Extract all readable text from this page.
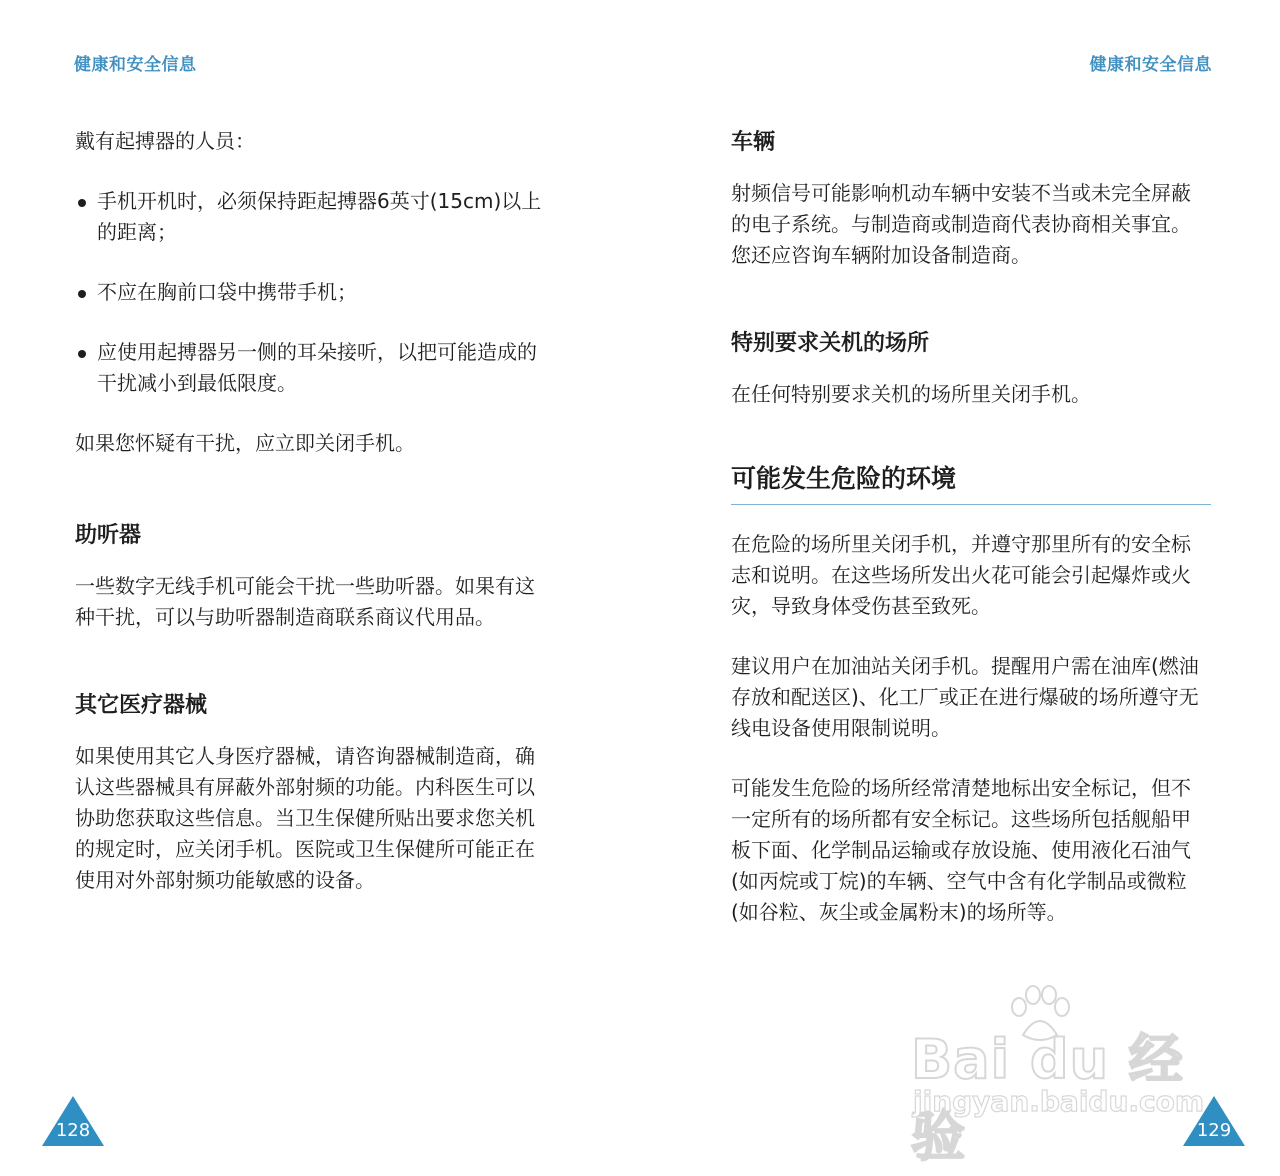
健康和安全信息	健康和安全信息

戴有起搏器的人员：

手机开机时，必须保持距起搏器6英寸(15cm)以上
的距离；
不应在胸前口袋中携带手机；
应使用起搏器另一侧的耳朵接听，以把可能造成的
干扰减小到最低限度。

如果您怀疑有干扰，应立即关闭手机。

助听器

一些数字无线手机可能会干扰一些助听器。如果有这

种干扰，可以与助听器制造商联系商议代用品。

其它医疗器械

如果使用其它人身医疗器械，请咨询器械制造商，确

认这些器械具有屏蔽外部射频的功能。内科医生可以

协助您获取这些信息。当卫生保健所贴出要求您关机

的规定时，应关闭手机。医院或卫生保健所可能正在

使用对外部射频功能敏感的设备。

车辆

射频信号可能影响机动车辆中安装不当或未完全屏蔽

的电子系统。与制造商或制造商代表协商相关事宜。

您还应咨询车辆附加设备制造商。

特别要求关机的场所

在任何特别要求关机的场所里关闭手机。

可能发生危险的环境

在危险的场所里关闭手机，并遵守那里所有的安全标

志和说明。在这些场所发出火花可能会引起爆炸或火

灾，导致身体受伤甚至致死。

建议用户在加油站关闭手机。提醒用户需在油库(燃油

存放和配送区)、化工厂或正在进行爆破的场所遵守无

线电设备使用限制说明。

可能发生危险的场所经常清楚地标出安全标记，但不

一定所有的场所都有安全标记。这些场所包括舰船甲

板下面、化学制品运输或存放设施、使用液化石油气

(如丙烷或丁烷)的车辆、空气中含有化学制品或微粒

(如谷粒、灰尘或金属粉末)的场所等。

Bai du 经验
jingyan.baidu.com
128	129
